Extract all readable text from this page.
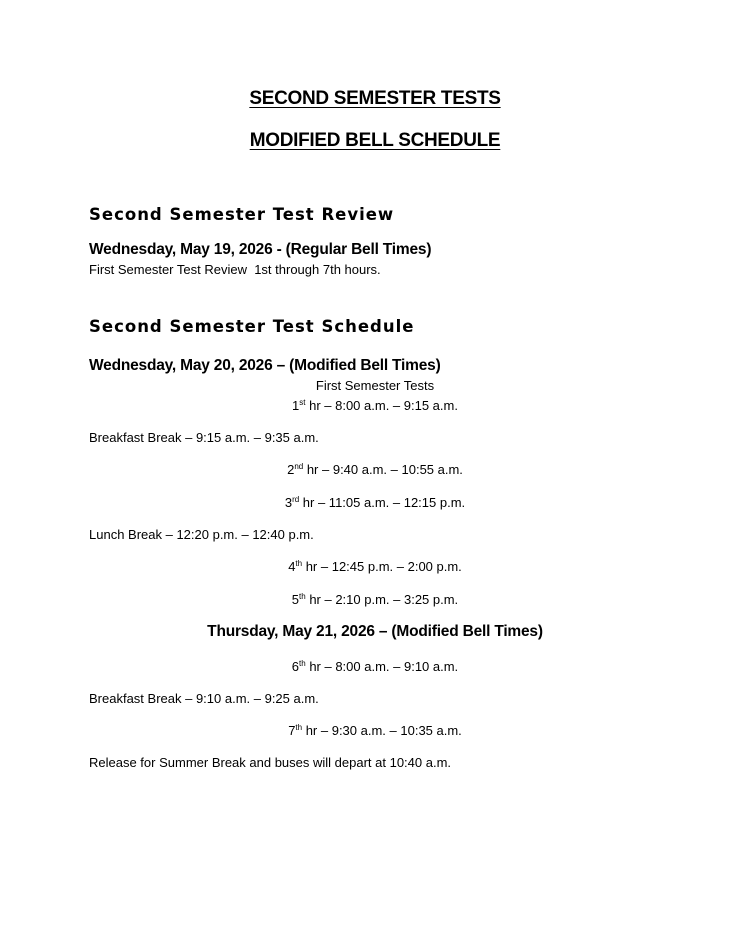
SECOND SEMESTER TESTS
MODIFIED BELL SCHEDULE
Second Semester Test Review

Wednesday, May 19, 2026 - (Regular Bell Times)

First Semester Test Review  1st through 7th hours.

Second Semester Test Schedule

Wednesday, May 20, 2026 – (Modified Bell Times)

First Semester Tests

1st hr – 8:00 a.m. – 9:15 a.m.

Breakfast Break – 9:15 a.m. – 9:35 a.m.

2nd hr – 9:40 a.m. – 10:55 a.m.

3rd hr – 11:05 a.m. – 12:15 p.m.

Lunch Break – 12:20 p.m. – 12:40 p.m.

4th hr – 12:45 p.m. – 2:00 p.m.

5th hr – 2:10 p.m. – 3:25 p.m.

Thursday, May 21, 2026 – (Modified Bell Times)

6th hr – 8:00 a.m. – 9:10 a.m.

Breakfast Break – 9:10 a.m. – 9:25 a.m.

7th hr – 9:30 a.m. – 10:35 a.m.

Release for Summer Break and buses will depart at 10:40 a.m.
